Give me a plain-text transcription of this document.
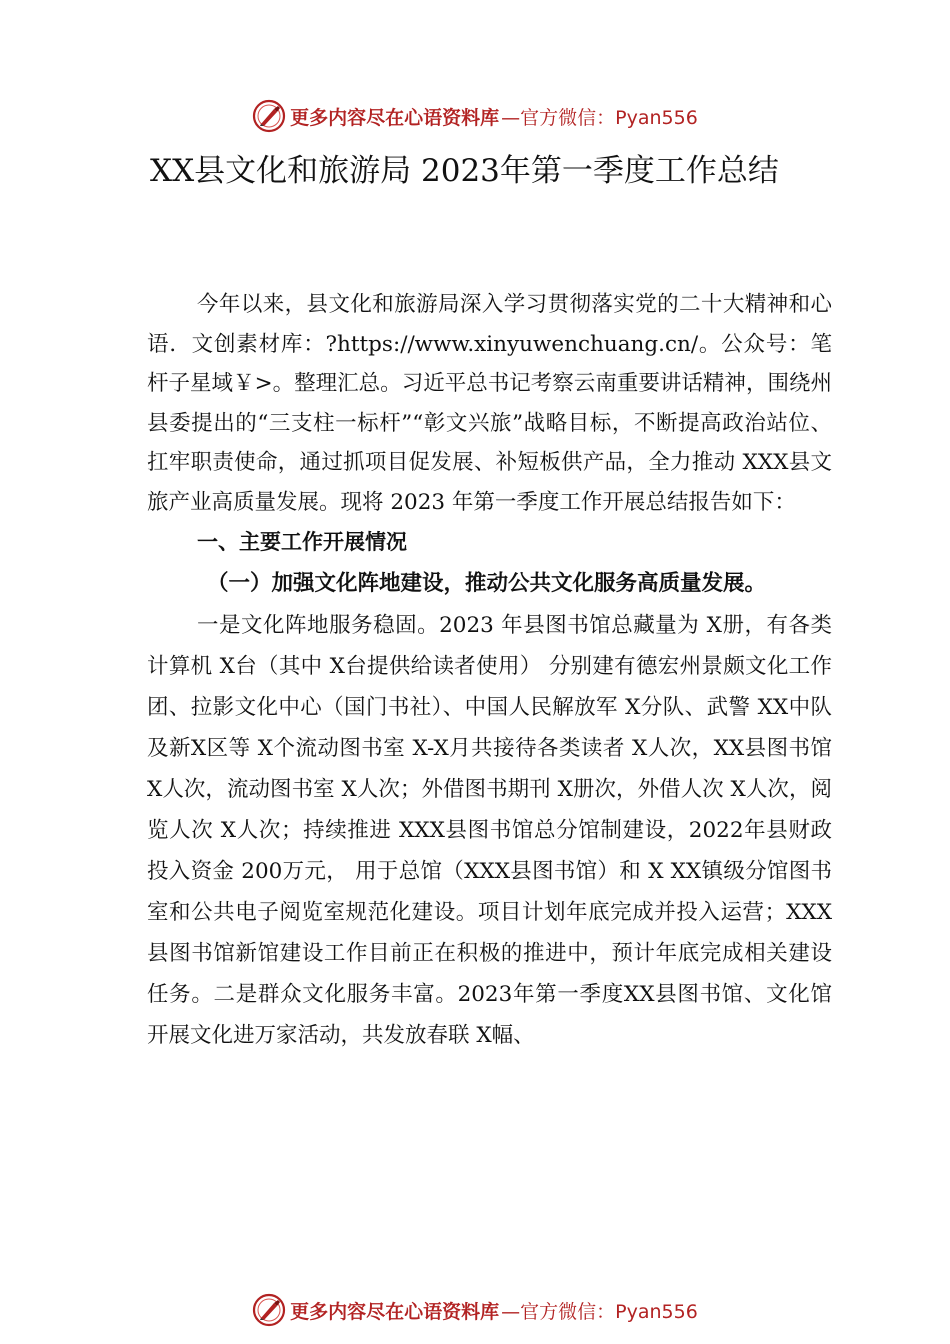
更多内容尽在心语资料库 —官方微信：Pyan556
XX县文化和旅游局 2023年第一季度工作总结

今年以来，县文化和旅游局深入学习贯彻落实党的二十大精神和心语．文创素材库：?https://www.xinyuwenchuang.cn/。公众号：笔杆子星域￥>。整理汇总。习近平总书记考察云南重要讲话精神，围绕州县委提出的“三支柱一标杆”“彰文兴旅”战略目标，不断提高政治站位、扛牢职责使命，通过抓项目促发展、补短板供产品，全力推动 XXX县文旅产业高质量发展。现将 2023 年第一季度工作开展总结报告如下：

一、主要工作开展情况

（一）加强文化阵地建设，推动公共文化服务高质量发展。

一是文化阵地服务稳固。2023 年县图书馆总藏量为 X册，有各类计算机 X台（其中 X台提供给读者使用） 分别建有德宏州景颇文化工作团、拉影文化中心（国门书社）、中国人民解放军 X分队、武警 XX中队及新X区等 X个流动图书室 X-X月共接待各类读者 X人次，XX县图书馆 X人次，流动图书室 X人次；外借图书期刊 X册次，外借人次 X人次，阅览人次 X人次；持续推进 XXX县图书馆总分馆制建设，2022年县财政投入资金 200万元， 用于总馆（XXX县图书馆）和 X XX镇级分馆图书室和公共电子阅览室规范化建设。项目计划年底完成并投入运营；XXX县图书馆新馆建设工作目前正在积极的推进中，预计年底完成相关建设任务。二是群众文化服务丰富。2023年第一季度XX县图书馆、文化馆开展文化进万家活动，共发放春联 X幅、

更多内容尽在心语资料库 —官方微信：Pyan556
